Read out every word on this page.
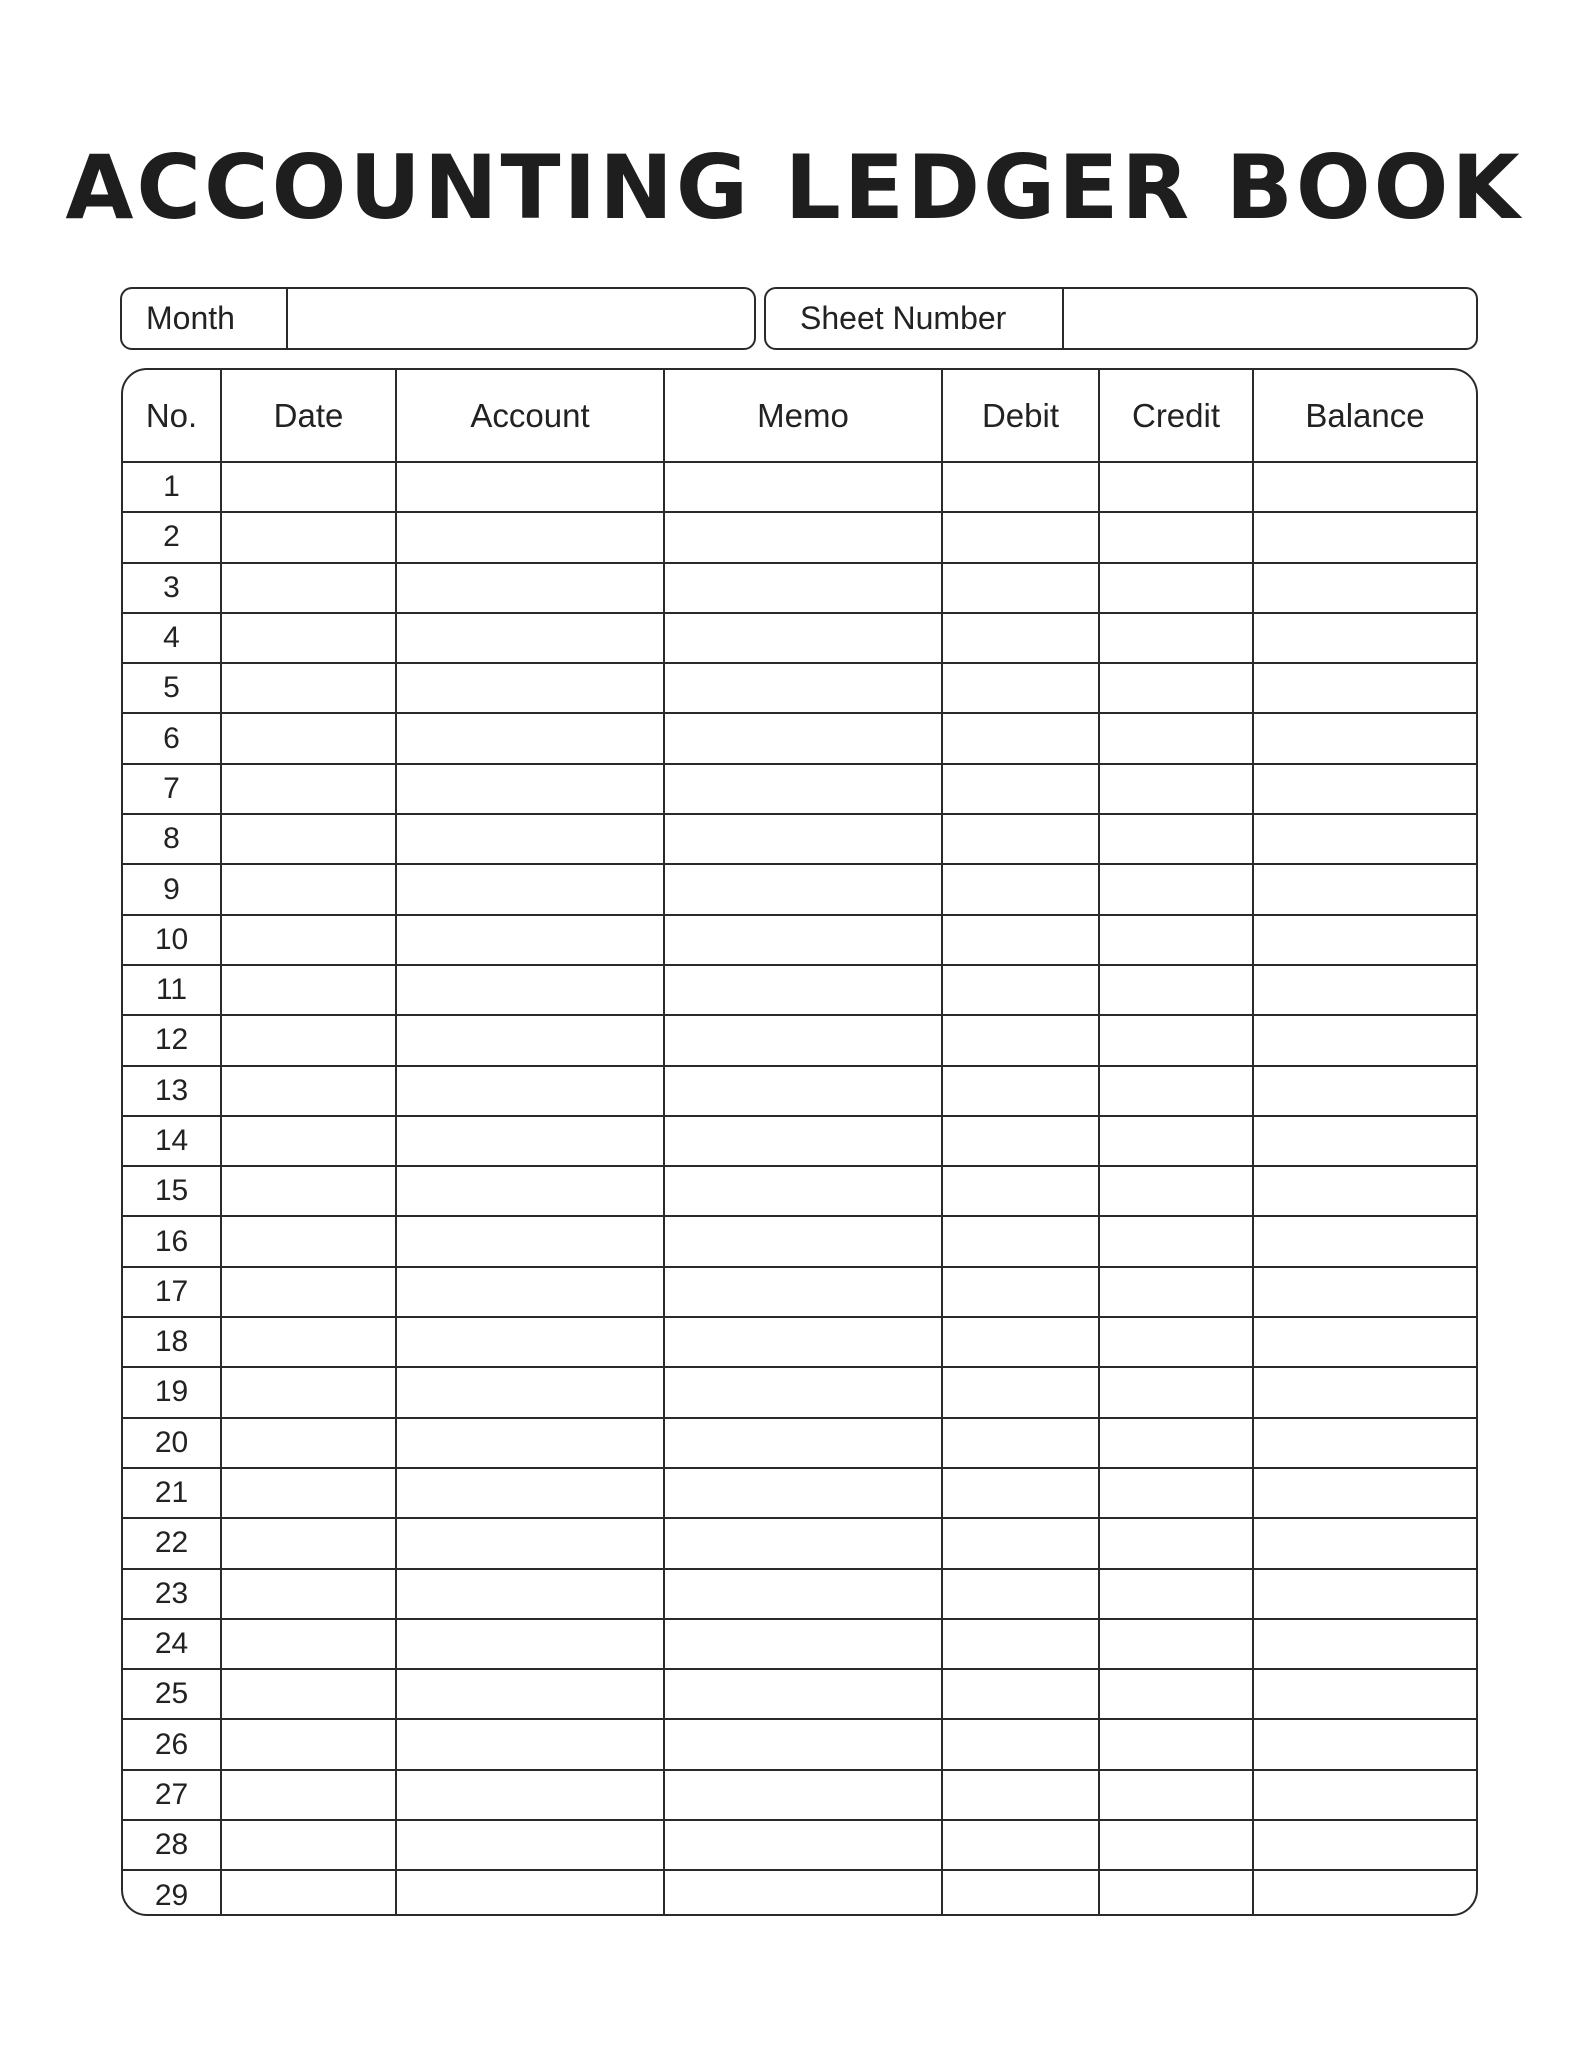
ACCOUNTING LEDGER BOOK
Month	Sheet Number
No.	Date	Account	Memo	Debit	Credit	Balance
1						
2						
3						
4						
5						
6						
7						
8						
9						
10						
11						
12						
13						
14						
15						
16						
17						
18						
19						
20						
21						
22						
23						
24						
25						
26						
27						
28						
29						
